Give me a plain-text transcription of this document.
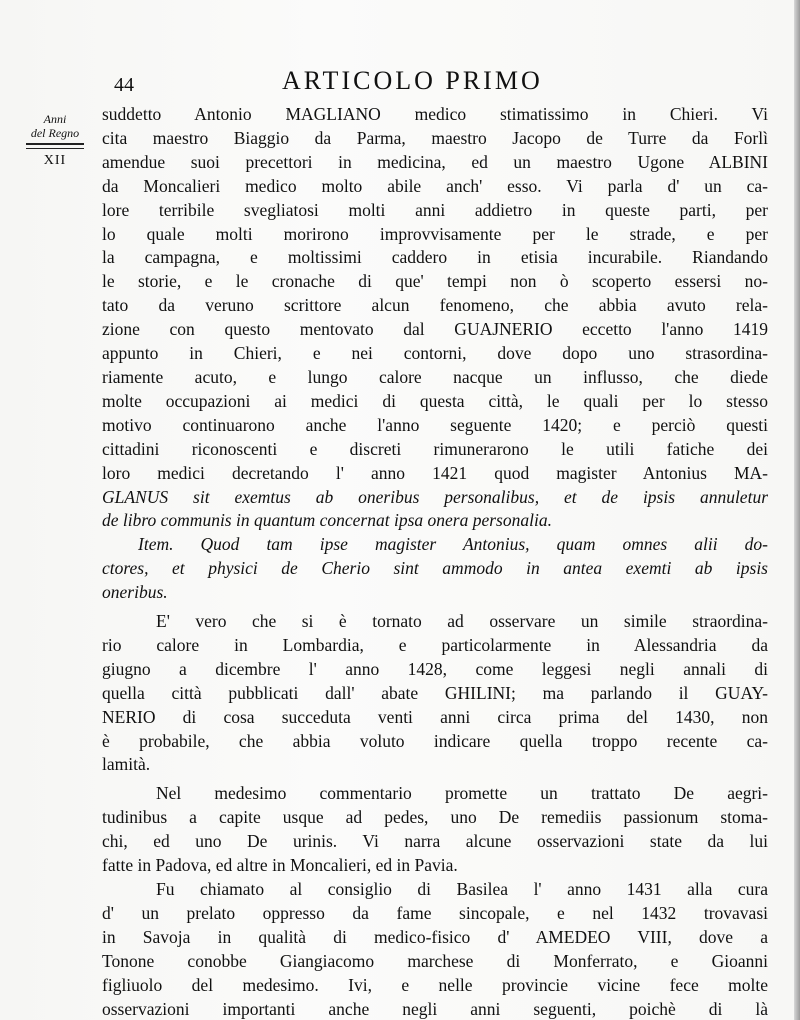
44	ARTICOLO PRIMO
Anni
del Regno
XII
suddetto Antonio MAGLIANO medico stimatissimo in Chieri. Vi
cita maestro Biaggio da Parma, maestro Jacopo de Turre da Forlì
amendue suoi precettori in medicina, ed un maestro Ugone ALBINI
da Moncalieri medico molto abile anch' esso. Vi parla d' un ca-
lore terribile svegliatosi molti anni addietro in queste parti, per
lo quale molti morirono improvvisamente per le strade, e per
la campagna, e moltissimi caddero in etisia incurabile. Riandando
le storie, e le cronache di que' tempi non ò scoperto essersi no-
tato da veruno scrittore alcun fenomeno, che abbia avuto rela-
zione con questo mentovato dal GUAJNERIO eccetto l'anno 1419
appunto in Chieri, e nei contorni, dove dopo uno strasordina-
riamente acuto, e lungo calore nacque un influsso, che diede
molte occupazioni ai medici di questa città, le quali per lo stesso
motivo continuarono anche l'anno seguente 1420; e perciò questi
cittadini riconoscenti e discreti rimunerarono le utili fatiche dei
loro medici decretando l' anno 1421 quod magister Antonius MA-
GLANUS sit exemtus ab oneribus personalibus, et de ipsis annuletur
de libro communis in quantum concernat ipsa onera personalia.
Item. Quod tam ipse magister Antonius, quam omnes alii do-
ctores, et physici de Cherio sint ammodo in antea exemti ab ipsis
oneribus.
E' vero che si è tornato ad osservare un simile straordina-
rio calore in Lombardia, e particolarmente in Alessandria da
giugno a dicembre l' anno 1428, come leggesi negli annali di
quella città pubblicati dall' abate GHILINI; ma parlando il GUAY-
NERIO di cosa succeduta venti anni circa prima del 1430, non
è probabile, che abbia voluto indicare quella troppo recente ca-
lamità.
Nel medesimo commentario promette un trattato De aegri-
tudinibus a capite usque ad pedes, uno De remediis passionum stoma-
chi, ed uno De urinis. Vi narra alcune osservazioni state da lui
fatte in Padova, ed altre in Moncalieri, ed in Pavia.
Fu chiamato al consiglio di Basilea l' anno 1431 alla cura
d' un prelato oppresso da fame sincopale, e nel 1432 trovavasi
in Savoja in qualità di medico-fisico d' AMEDEO VIII, dove a
Tonone conobbe Giangiacomo marchese di Monferrato, e Gioanni
figliuolo del medesimo. Ivi, e nelle provincie vicine fece molte
osservazioni importanti anche negli anni seguenti, poichè di là
